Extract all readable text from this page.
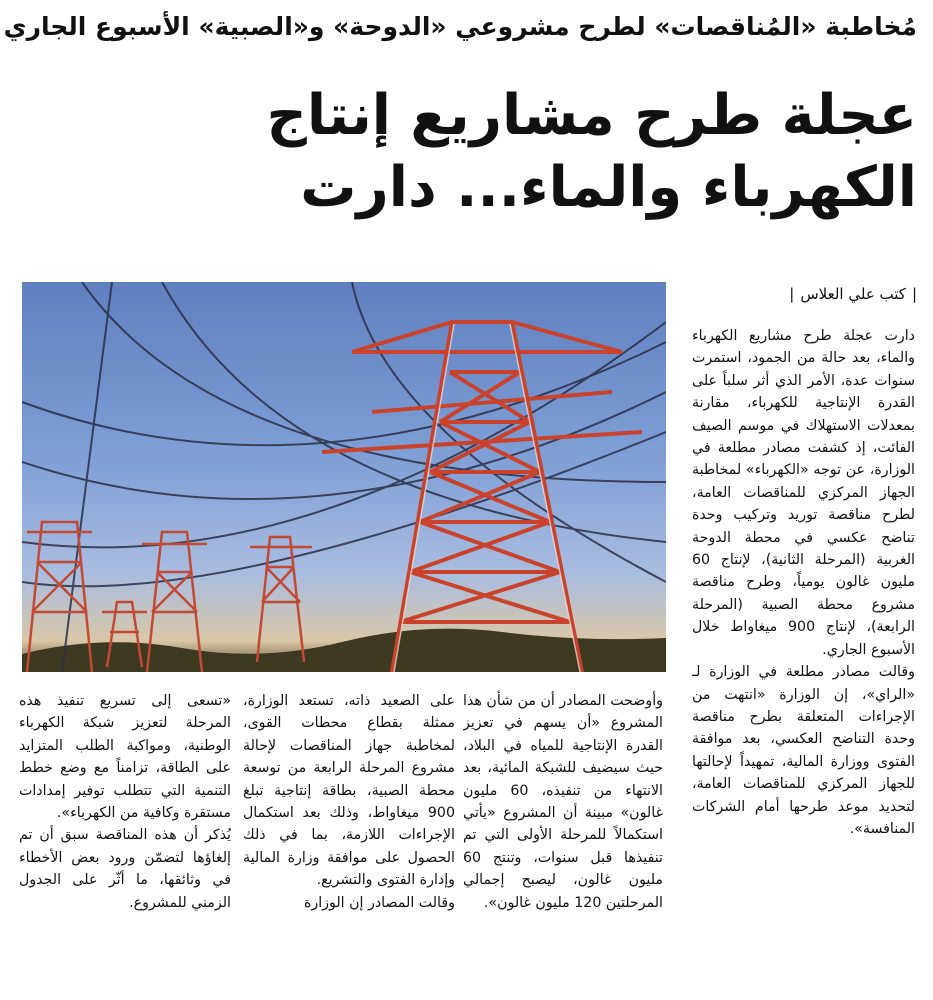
مُخاطبة «المُناقصات» لطرح مشروعي «الدوحة» و«الصبية» الأسبوع الجاري
عجلة طرح مشاريع إنتاج
الكهرباء والماء... دارت
|كتب علي العلاس|

دارت عجلة طرح مشاريع الكهرباء والماء، بعد حالة من الجمود، استمرت سنوات عدة، الأمر الذي أثر سلباً على القدرة الإنتاجية للكهرباء، مقارنة بمعدلات الاستهلاك في موسم الصيف الفائت، إذ كشفت مصادر مطلعة في الوزارة، عن توجه «الكهرباء» لمخاطبة الجهاز المركزي للمناقصات العامة، لطرح مناقصة توريد وتركيب وحدة تناضح عكسي في محطة الدوحة الغربية (المرحلة الثانية)، لإنتاج 60 مليون غالون يومياً، وطرح مناقصة مشروع محطة الصبية (المرحلة الرابعة)، لإنتاج 900 ميغاواط خلال الأسبوع الجاري.

وقالت مصادر مطلعة في الوزارة لـ «الراي»، إن الوزارة «انتهت من الإجراءات المتعلقة بطرح مناقصة وحدة التناضح العكسي، بعد موافقة الفتوى ووزارة المالية، تمهيداً لإحالتها للجهاز المركزي للمناقصات العامة، لتحديد موعد طرحها أمام الشركات المنافسة».

وأوضحت المصادر أن من شأن هذا المشروع «أن يسهم في تعزيز القدرة الإنتاجية للمياه في البلاد، حيث سيضيف للشبكة المائية، بعد الانتهاء من تنفيذه، 60 مليون غالون» مبينة أن المشروع «يأتي استكمالاً للمرحلة الأولى التي تم تنفيذها قبل سنوات، وتنتج 60 مليون غالون، ليصبح إجمالي المرحلتين 120 مليون غالون».

على الصعيد ذاته، تستعد الوزارة، ممثلة بقطاع محطات القوى، لمخاطبة جهاز المناقصات لإحالة مشروع المرحلة الرابعة من توسعة محطة الصبية، بطاقة إنتاجية تبلغ 900 ميغاواط، وذلك بعد استكمال الإجراءات اللازمة، بما في ذلك الحصول على موافقة وزارة المالية وإدارة الفتوى والتشريع.

وقالت المصادر إن الوزارة

«تسعى إلى تسريع تنفيذ هذه المرحلة لتعزيز شبكة الكهرباء الوطنية، ومواكبة الطلب المتزايد على الطاقة، تزامناً مع وضع خطط التنمية التي تتطلب توفير إمدادات مستقرة وكافية من الكهرباء».

يُذكر أن هذه المناقصة سبق أن تم إلغاؤها لتضمّن ورود بعض الأخطاء في وثائقها، ما أثّر على الجدول الزمني للمشروع.
